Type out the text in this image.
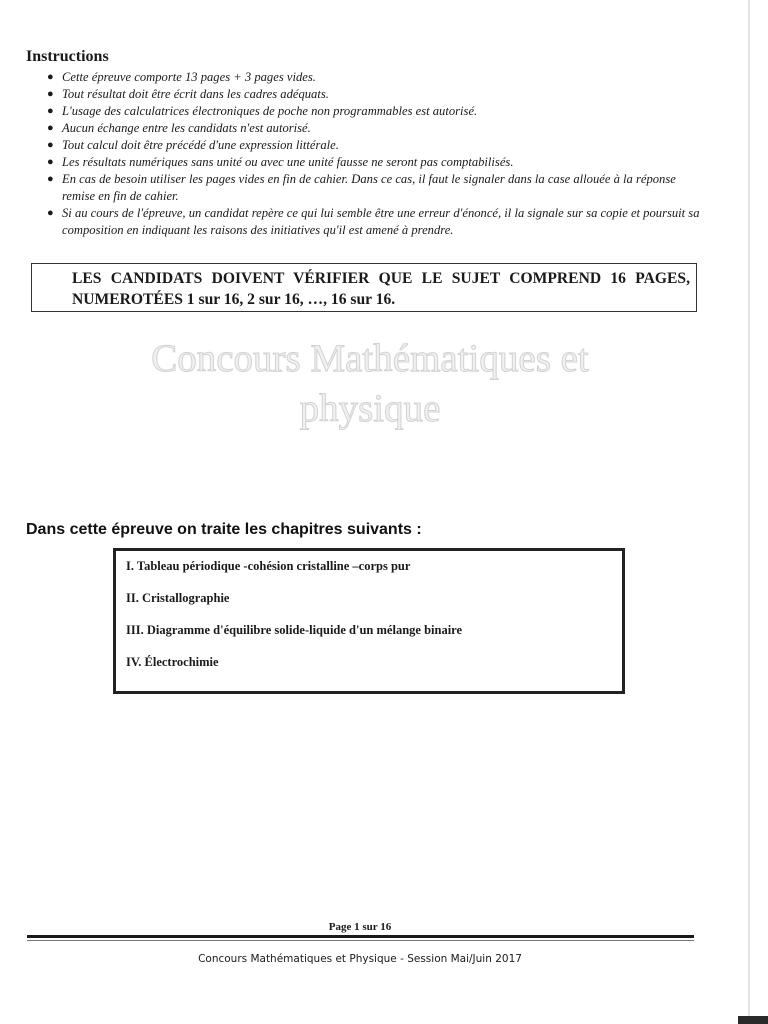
Instructions
● Cette épreuve comporte 13 pages + 3 pages vides.
● Tout résultat doit être écrit dans les cadres adéquats.
● L'usage des calculatrices électroniques de poche non programmables est autorisé.
● Aucun échange entre les candidats n'est autorisé.
● Tout calcul doit être précédé d'une expression littérale.
● Les résultats numériques sans unité ou avec une unité fausse ne seront pas comptabilisés.
● En cas de besoin utiliser les pages vides en fin de cahier. Dans ce cas, il faut le signaler dans la case allouée à la réponse remise en fin de cahier.
● Si au cours de l'épreuve, un candidat repère ce qui lui semble être une erreur d'énoncé, il la signale sur sa copie et poursuit sa composition en indiquant les raisons des initiatives qu'il est amené à prendre.
LES CANDIDATS DOIVENT VÉRIFIER QUE LE SUJET COMPREND 16 PAGES, NUMEROTÉES 1 sur 16, 2 sur 16, …, 16 sur 16.
Concours Mathématiques et
physique
Dans cette épreuve on traite les chapitres suivants :
I. Tableau périodique -cohésion cristalline –corps pur
II. Cristallographie
III. Diagramme d'équilibre solide-liquide d'un mélange binaire
IV. Électrochimie
Page 1 sur 16
Concours Mathématiques et Physique - Session Mai/Juin 2017
